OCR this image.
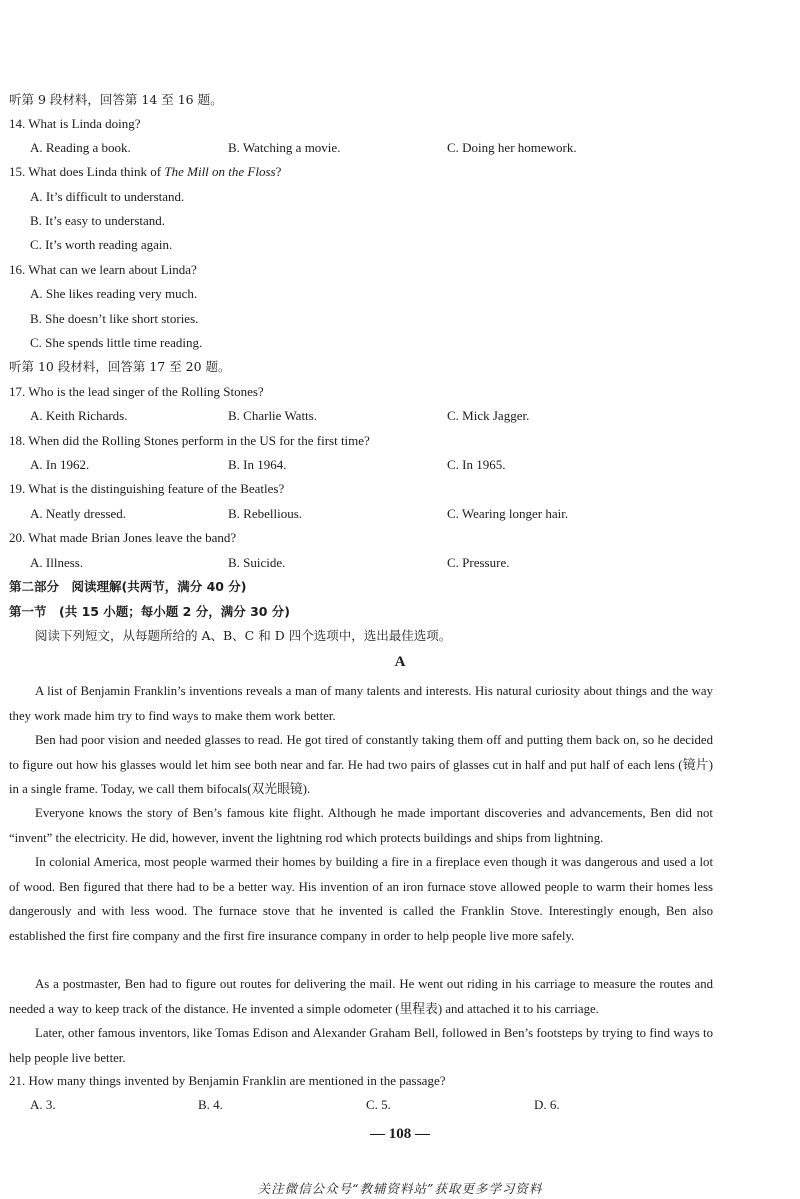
听第 9 段材料，回答第 14 至 16 题。
14. What is Linda doing?
A. Reading a book.	B. Watching a movie.	C. Doing her homework.
15. What does Linda think of The Mill on the Floss?
A. It’s difficult to understand.
B. It’s easy to understand.
C. It’s worth reading again.
16. What can we learn about Linda?
A. She likes reading very much.
B. She doesn’t like short stories.
C. She spends little time reading.
听第 10 段材料，回答第 17 至 20 题。
17. Who is the lead singer of the Rolling Stones?
A. Keith Richards.	B. Charlie Watts.	C. Mick Jagger.
18. When did the Rolling Stones perform in the US for the first time?
A. In 1962.	B. In 1964.	C. In 1965.
19. What is the distinguishing feature of the Beatles?
A. Neatly dressed.	B. Rebellious.	C. Wearing longer hair.
20. What made Brian Jones leave the band?
A. Illness.	B. Suicide.	C. Pressure.
第二部分　阅读理解(共两节，满分 40 分)
第一节　(共 15 小题；每小题 2 分，满分 30 分)
阅读下列短文，从每题所给的 A、B、C 和 D 四个选项中，选出最佳选项。
A
A list of Benjamin Franklin’s inventions reveals a man of many talents and interests. His natural curiosity about things and the way they work made him try to find ways to make them work better.
Ben had poor vision and needed glasses to read. He got tired of constantly taking them off and putting them back on, so he decided to figure out how his glasses would let him see both near and far. He had two pairs of glasses cut in half and put half of each lens (镜片) in a single frame. Today, we call them bifocals(双光眼镜).
Everyone knows the story of Ben’s famous kite flight. Although he made important discoveries and advancements, Ben did not “invent” the electricity. He did, however, invent the lightning rod which protects buildings and ships from lightning.
In colonial America, most people warmed their homes by building a fire in a fireplace even though it was dangerous and used a lot of wood. Ben figured that there had to be a better way. His invention of an iron furnace stove allowed people to warm their homes less dangerously and with less wood. The furnace stove that he invented is called the Franklin Stove. Interestingly enough, Ben also established the first fire company and the first fire insurance company in order to help people live more safely.
As a postmaster, Ben had to figure out routes for delivering the mail. He went out riding in his carriage to measure the routes and needed a way to keep track of the distance. He invented a simple odometer (里程表) and attached it to his carriage.
Later, other famous inventors, like Tomas Edison and Alexander Graham Bell, followed in Ben’s footsteps by trying to find ways to help people live better.
21. How many things invented by Benjamin Franklin are mentioned in the passage?
A. 3.	B. 4.	C. 5.	D. 6.
— 108 —
关注微信公众号“教辅资料站”获取更多学习资料
